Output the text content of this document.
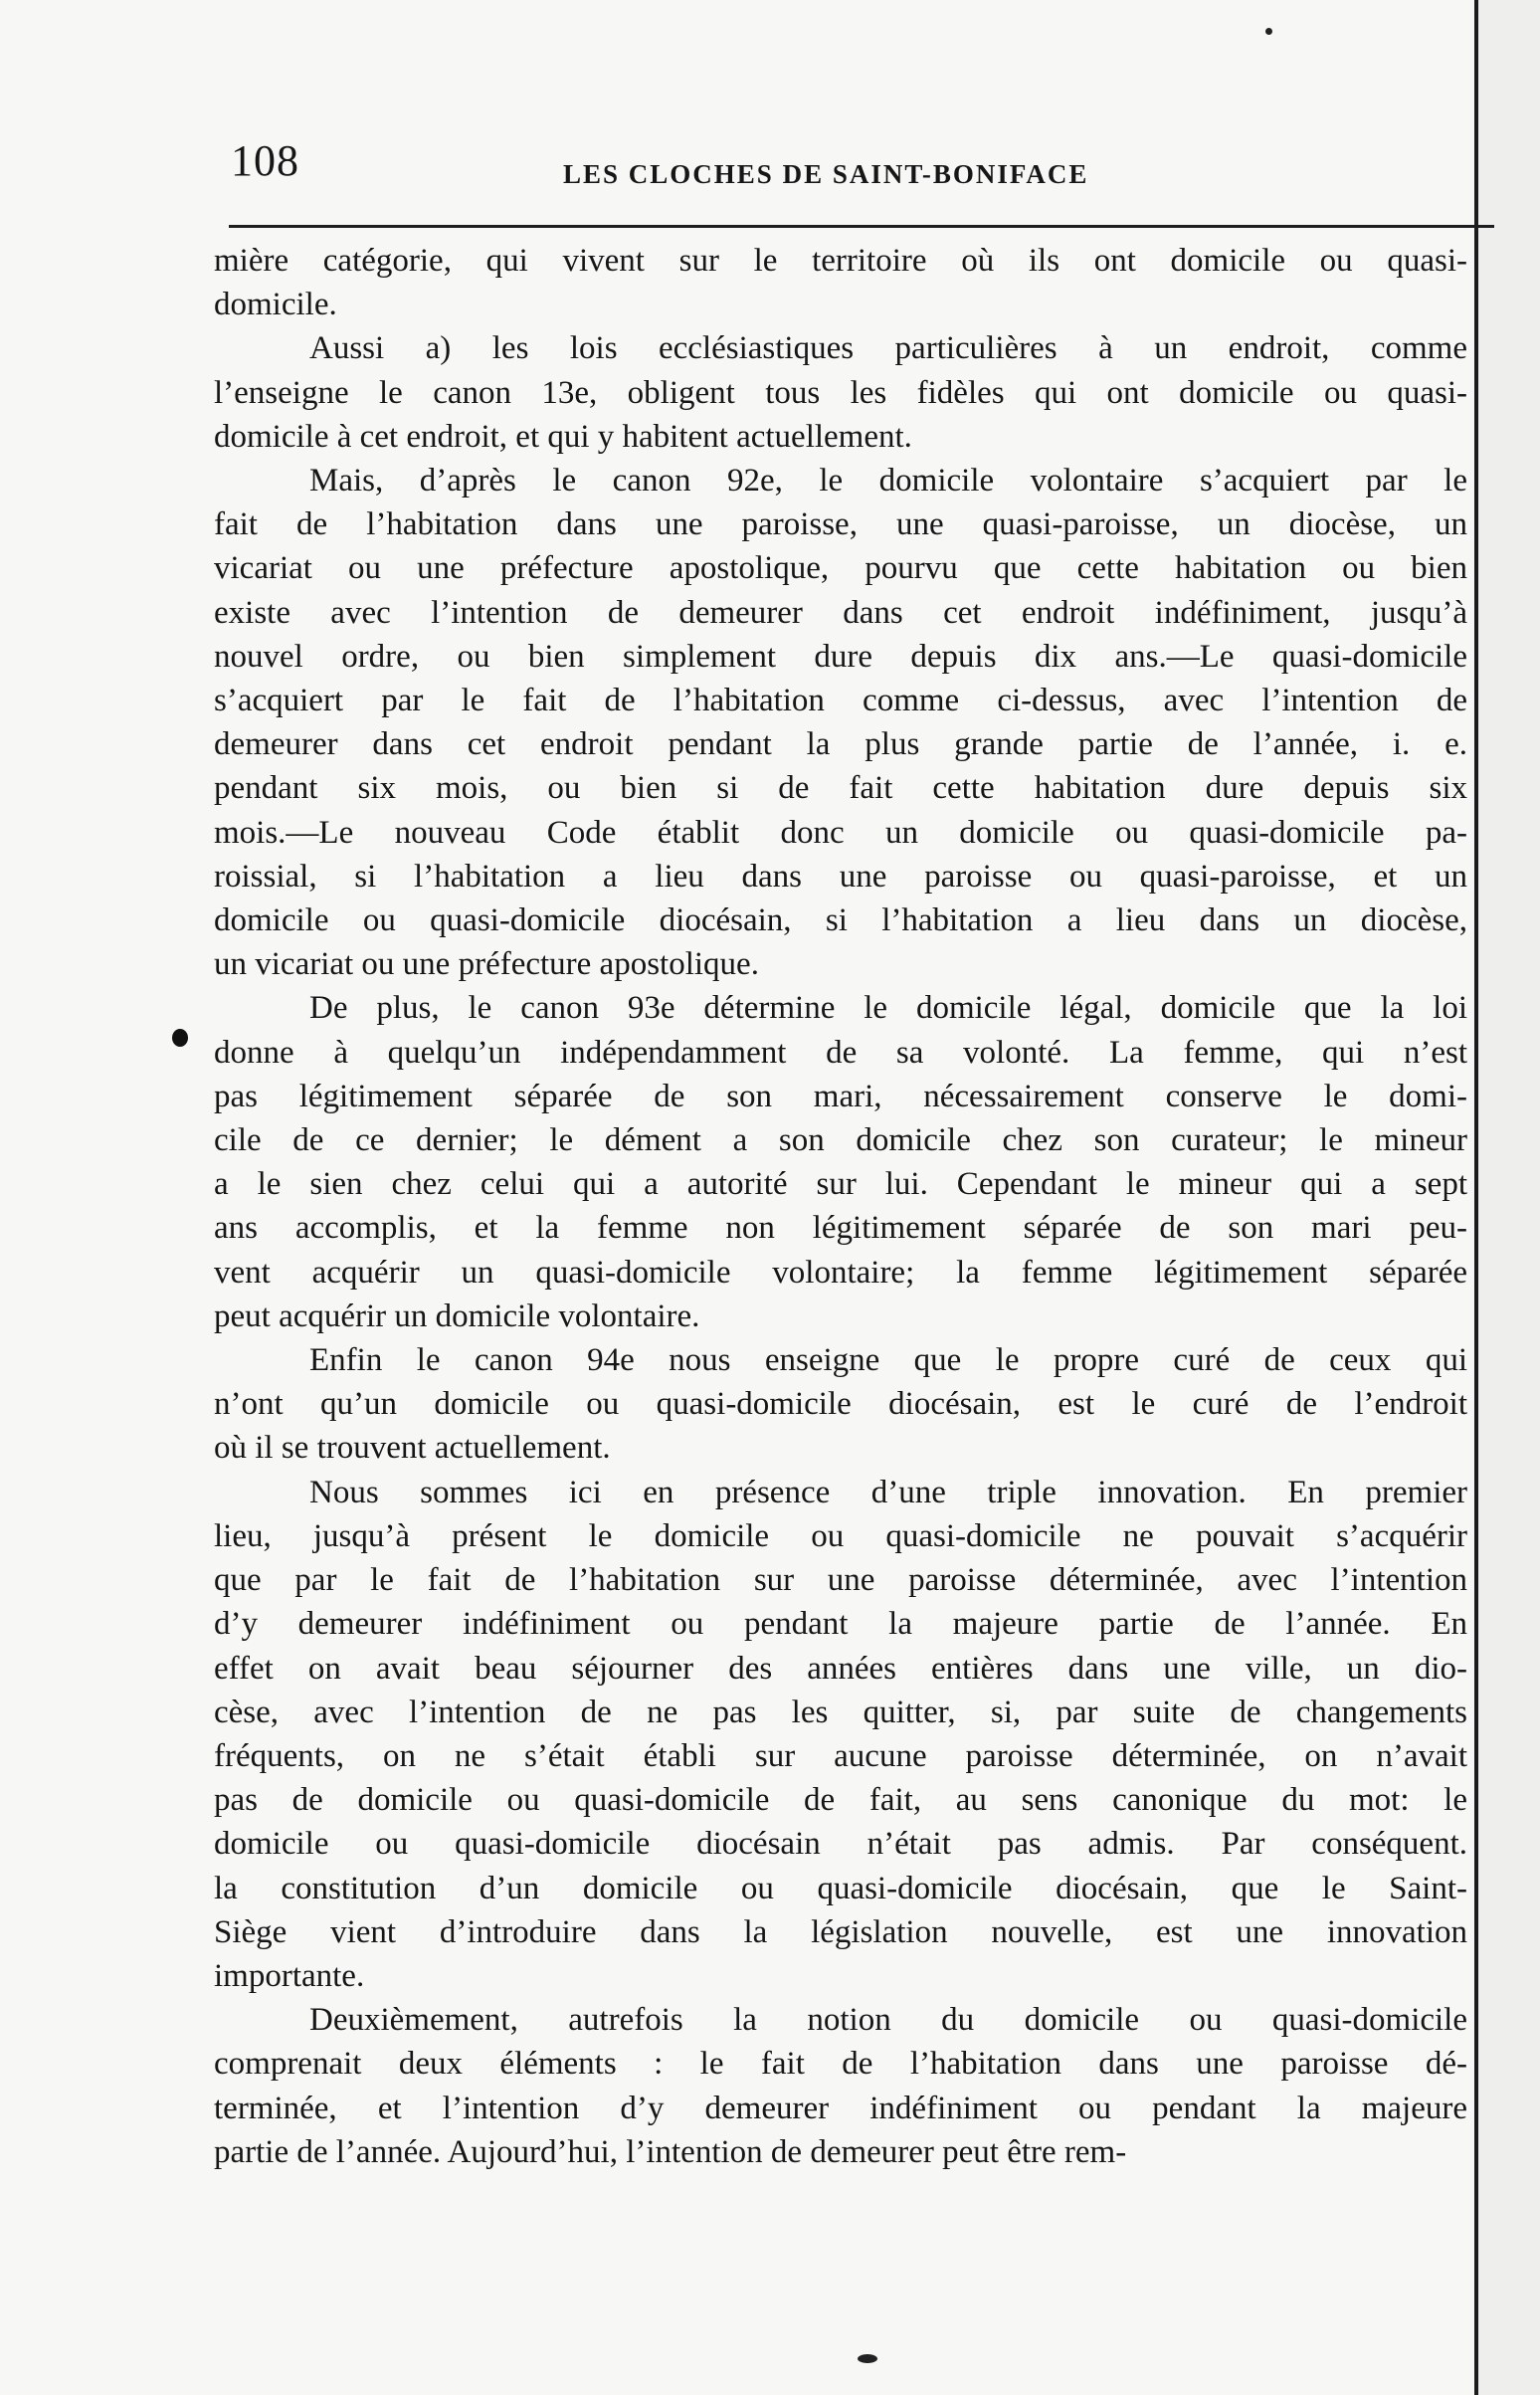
108	LES CLOCHES DE SAINT-BONIFACE

mière catégorie, qui vivent sur le territoire où ils ont domicile ou quasi-
domicile.

Aussi a) les lois ecclésiastiques particulières à un endroit, comme
l’enseigne le canon 13e, obligent tous les fidèles qui ont domicile ou quasi-
domicile à cet endroit, et qui y habitent actuellement.

Mais, d’après le canon 92e, le domicile volontaire s’acquiert par le
fait de l’habitation dans une paroisse, une quasi-paroisse, un diocèse, un
vicariat ou une préfecture apostolique, pourvu que cette habitation ou bien
existe avec l’intention de demeurer dans cet endroit indéfiniment, jusqu’à
nouvel ordre, ou bien simplement dure depuis dix ans.—Le quasi-domicile
s’acquiert par le fait de l’habitation comme ci-dessus, avec l’intention de
demeurer dans cet endroit pendant la plus grande partie de l’année, i. e.
pendant six mois, ou bien si de fait cette habitation dure depuis six
mois.—Le nouveau Code établit donc un domicile ou quasi-domicile pa-
roissial, si l’habitation a lieu dans une paroisse ou quasi-paroisse, et un
domicile ou quasi-domicile diocésain, si l’habitation a lieu dans un diocèse,
un vicariat ou une préfecture apostolique.

De plus, le canon 93e détermine le domicile légal, domicile que la loi
donne à quelqu’un indépendamment de sa volonté. La femme, qui n’est
pas légitimement séparée de son mari, nécessairement conserve le domi-
cile de ce dernier; le dément a son domicile chez son curateur; le mineur
a le sien chez celui qui a autorité sur lui. Cependant le mineur qui a sept
ans accomplis, et la femme non légitimement séparée de son mari peu-
vent acquérir un quasi-domicile volontaire; la femme légitimement séparée
peut acquérir un domicile volontaire.

Enfin le canon 94e nous enseigne que le propre curé de ceux qui
n’ont qu’un domicile ou quasi-domicile diocésain, est le curé de l’endroit
où il se trouvent actuellement.

Nous sommes ici en présence d’une triple innovation. En premier
lieu, jusqu’à présent le domicile ou quasi-domicile ne pouvait s’acquérir
que par le fait de l’habitation sur une paroisse déterminée, avec l’intention
d’y demeurer indéfiniment ou pendant la majeure partie de l’année. En
effet on avait beau séjourner des années entières dans une ville, un dio-
cèse, avec l’intention de ne pas les quitter, si, par suite de changements
fréquents, on ne s’était établi sur aucune paroisse déterminée, on n’avait
pas de domicile ou quasi-domicile de fait, au sens canonique du mot: le
domicile ou quasi-domicile diocésain n’était pas admis. Par conséquent.
la constitution d’un domicile ou quasi-domicile diocésain, que le Saint-
Siège vient d’introduire dans la législation nouvelle, est une innovation
importante.

Deuxièmement, autrefois la notion du domicile ou quasi-domicile
comprenait deux éléments : le fait de l’habitation dans une paroisse dé-
terminée, et l’intention d’y demeurer indéfiniment ou pendant la majeure
partie de l’année. Aujourd’hui, l’intention de demeurer peut être rem-
